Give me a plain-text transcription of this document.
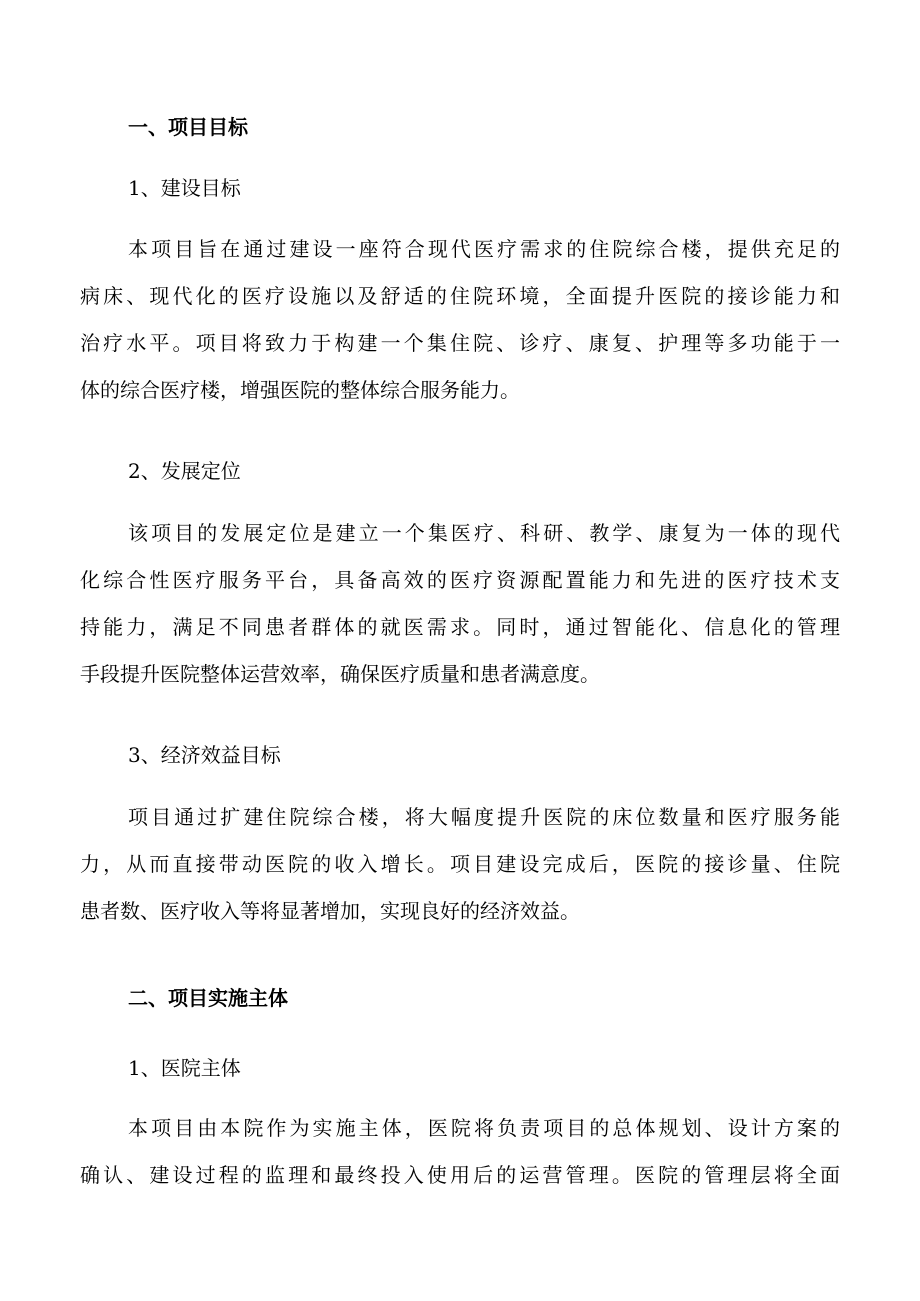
一、项目目标
1、建设目标
本项目旨在通过建设一座符合现代医疗需求的住院综合楼，提供充足的
病床、现代化的医疗设施以及舒适的住院环境，全面提升医院的接诊能力和
治疗水平。项目将致力于构建一个集住院、诊疗、康复、护理等多功能于一
体的综合医疗楼，增强医院的整体综合服务能力。
2、发展定位
该项目的发展定位是建立一个集医疗、科研、教学、康复为一体的现代
化综合性医疗服务平台，具备高效的医疗资源配置能力和先进的医疗技术支
持能力，满足不同患者群体的就医需求。同时，通过智能化、信息化的管理
手段提升医院整体运营效率，确保医疗质量和患者满意度。
3、经济效益目标
项目通过扩建住院综合楼，将大幅度提升医院的床位数量和医疗服务能
力，从而直接带动医院的收入增长。项目建设完成后，医院的接诊量、住院
患者数、医疗收入等将显著增加，实现良好的经济效益。
二、项目实施主体
1、医院主体
本项目由本院作为实施主体，医院将负责项目的总体规划、设计方案的
确认、建设过程的监理和最终投入使用后的运营管理。医院的管理层将全面
